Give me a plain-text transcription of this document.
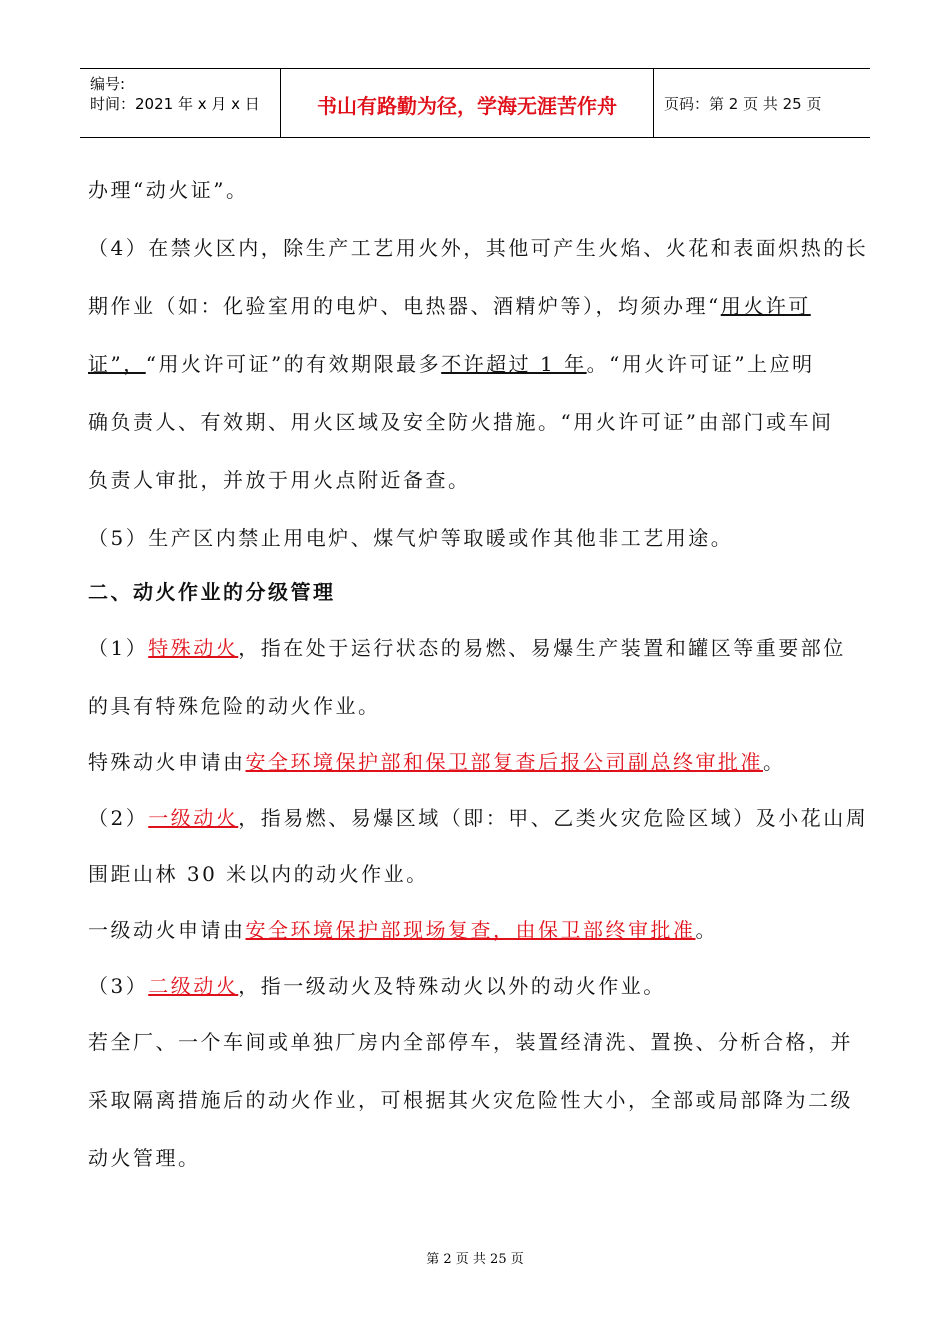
编号:
时间：2021 年 x 月 x 日	书山有路勤为径，学海无涯苦作舟	页码：第 2 页 共 25 页
办理“动火证”。
（4）在禁火区内，除生产工艺用火外，其他可产生火焰、火花和表面炽热的长
期作业（如：化验室用的电炉、电热器、酒精炉等），均须办理“用火许可
证”，“用火许可证”的有效期限最多不许超过 1 年。“用火许可证”上应明
确负责人、有效期、用火区域及安全防火措施。“用火许可证”由部门或车间
负责人审批，并放于用火点附近备查。
（5）生产区内禁止用电炉、煤气炉等取暖或作其他非工艺用途。
二、动火作业的分级管理
（1）特殊动火，指在处于运行状态的易燃、易爆生产装置和罐区等重要部位
的具有特殊危险的动火作业。
特殊动火申请由安全环境保护部和保卫部复查后报公司副总终审批准。
（2）一级动火，指易燃、易爆区域（即：甲、乙类火灾危险区域）及小花山周
围距山林 30 米以内的动火作业。
一级动火申请由安全环境保护部现场复查，由保卫部终审批准。
（3）二级动火，指一级动火及特殊动火以外的动火作业。
若全厂、一个车间或单独厂房内全部停车，装置经清洗、置换、分析合格，并
采取隔离措施后的动火作业，可根据其火灾危险性大小，全部或局部降为二级
动火管理。
第 2 页 共 25 页
